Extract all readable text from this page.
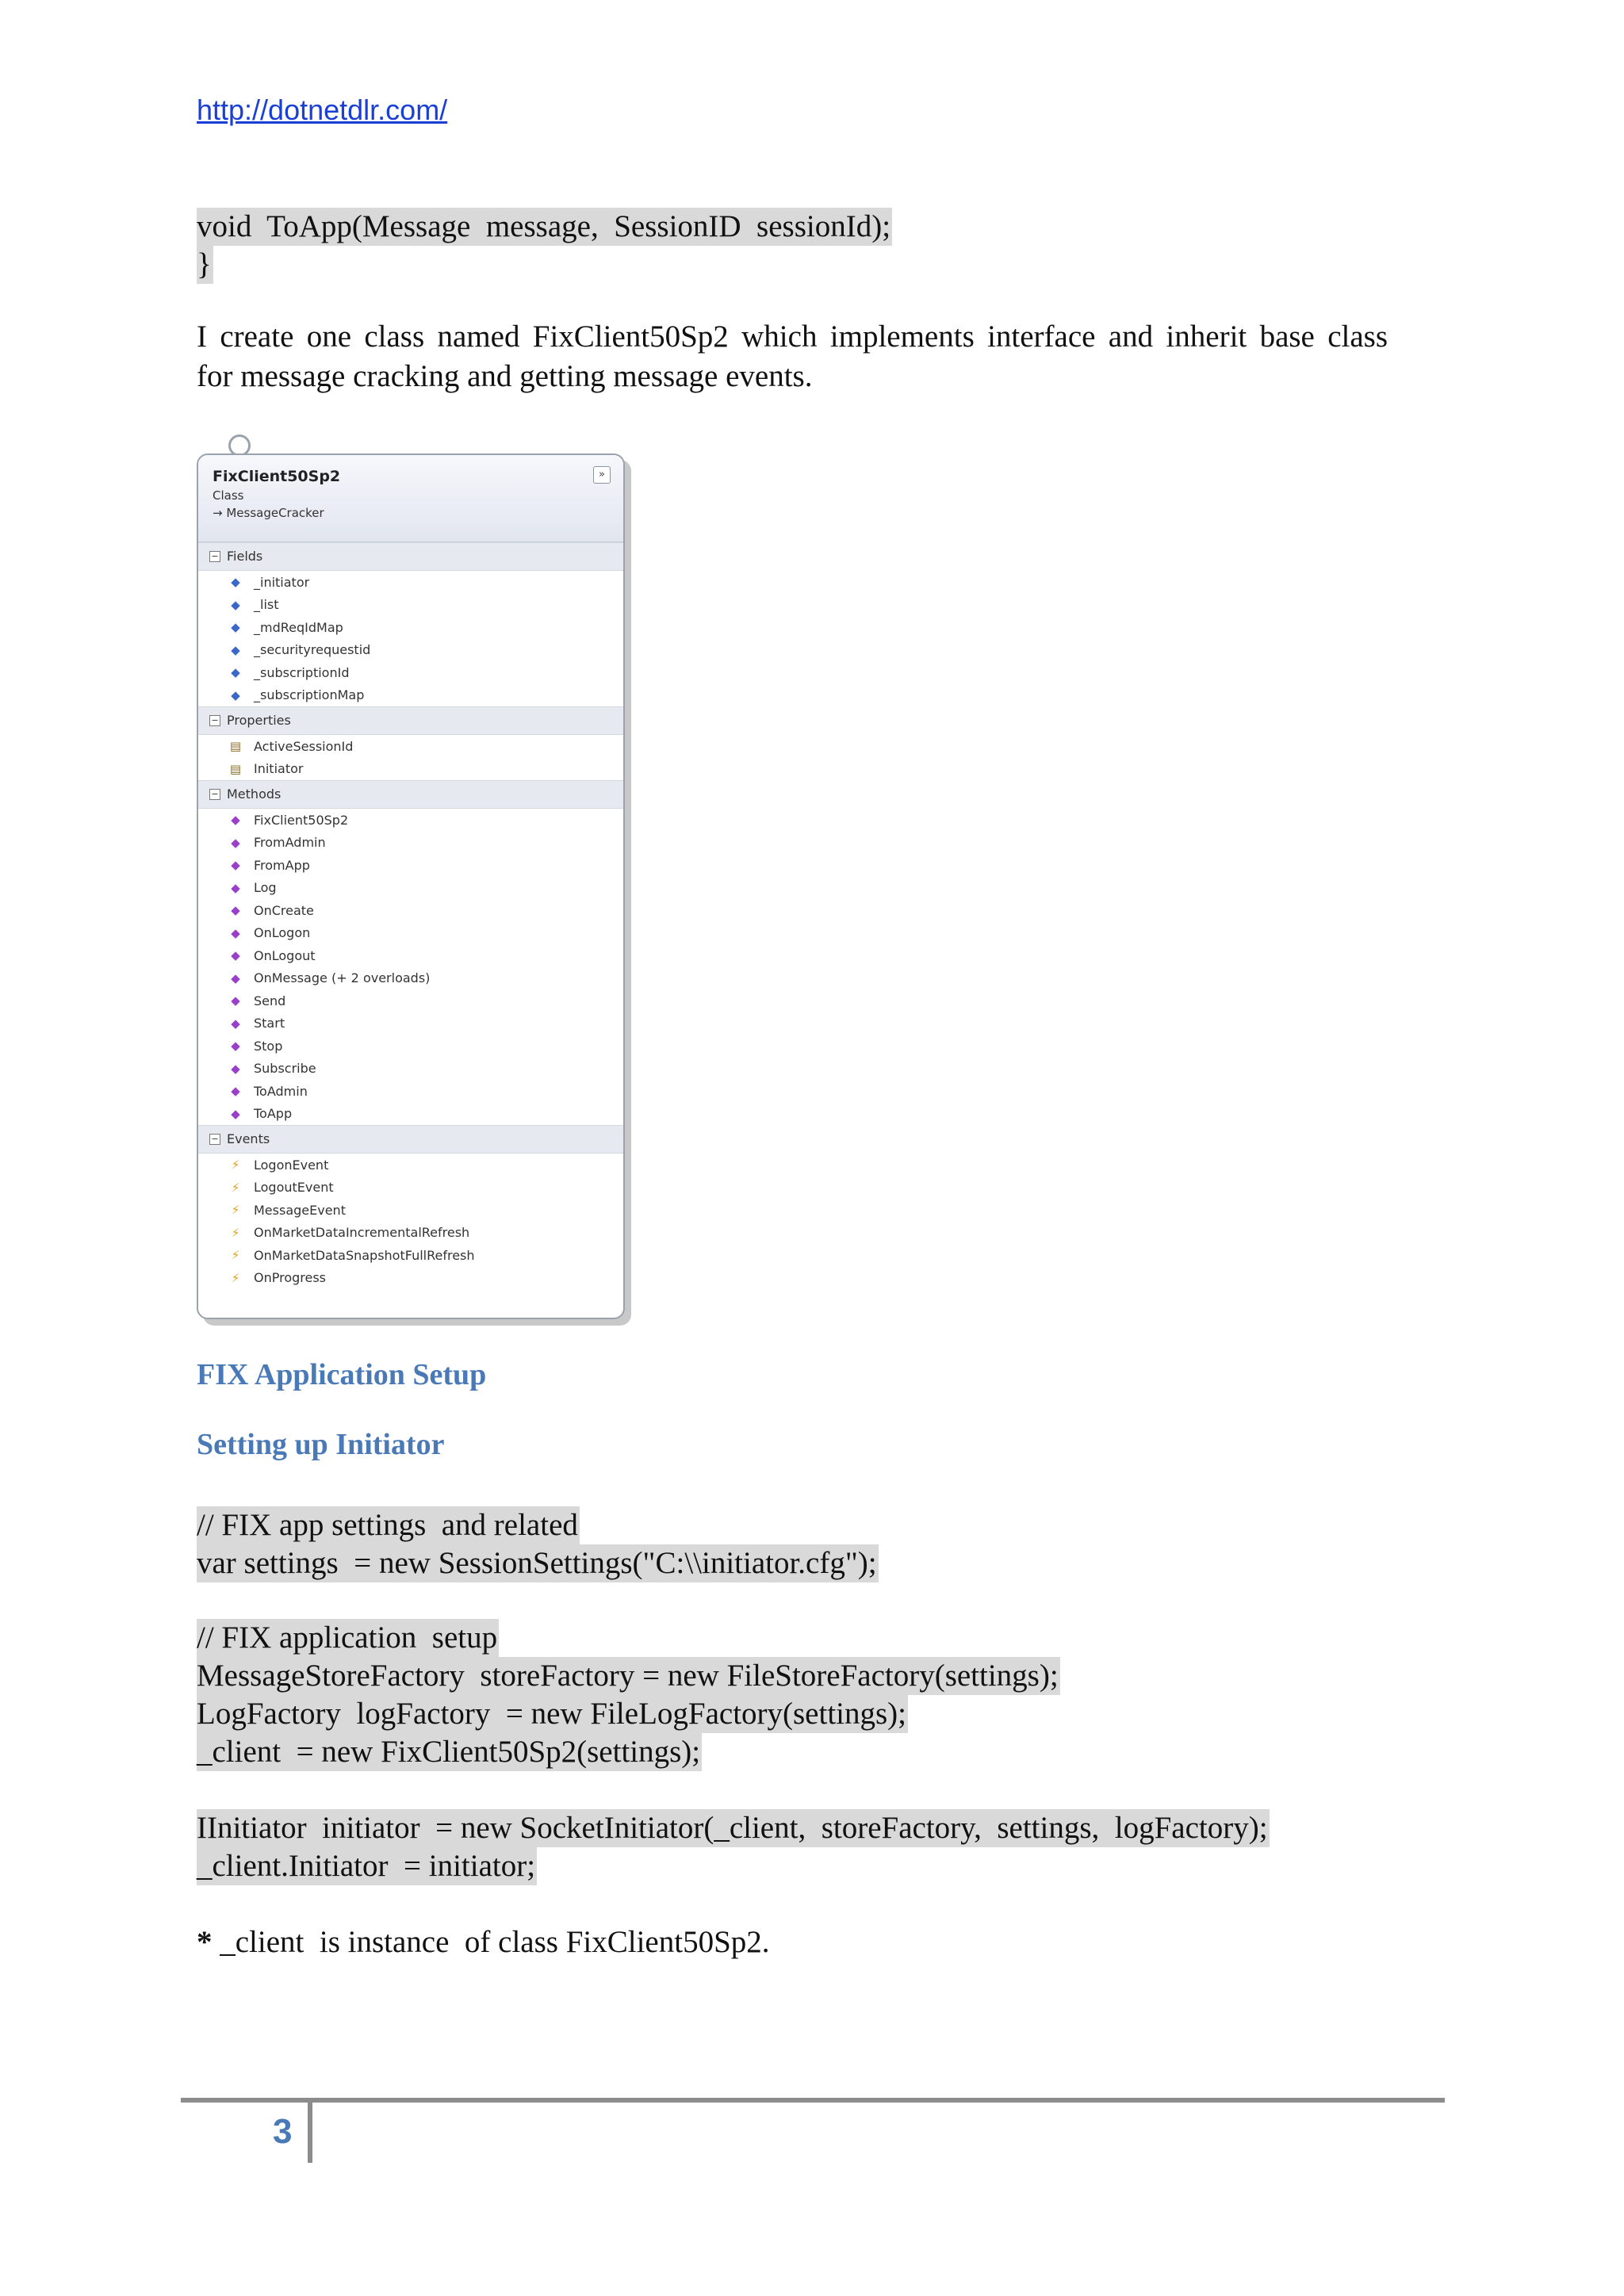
http://dotnetdlr.com/
void  ToApp(Message  message,  SessionID  sessionId);
}
I create one class named FixClient50Sp2 which implements interface and inherit base class
for message cracking and getting message events.
FixClient50Sp2
Class
→ MessageCracker
»
− Fields
◆	_initiator
◆	_list
◆	_mdReqIdMap
◆	_securityrequestid
◆	_subscriptionId
◆	_subscriptionMap
− Properties
▤ ActiveSessionId
▤ Initiator
− Methods
◆	FixClient50Sp2
◆	FromAdmin
◆	FromApp
◆	Log
◆	OnCreate
◆	OnLogon
◆	OnLogout
◆	OnMessage (+ 2 overloads)
◆	Send
◆	Start
◆	Stop
◆	Subscribe
◆	ToAdmin
◆	ToApp
− Events
⚡	LogonEvent
⚡	LogoutEvent
⚡	MessageEvent
⚡	OnMarketDataIncrementalRefresh
⚡	OnMarketDataSnapshotFullRefresh
⚡	OnProgress
FIX Application Setup
Setting up Initiator
// FIX app settings  and related
var settings  = new SessionSettings("C:\\initiator.cfg");
// FIX application  setup
MessageStoreFactory  storeFactory = new FileStoreFactory(settings);
LogFactory  logFactory  = new FileLogFactory(settings);
_client  = new FixClient50Sp2(settings);
IInitiator  initiator  = new SocketInitiator(_client,  storeFactory,  settings,  logFactory);
_client.Initiator  = initiator;
* _client  is instance  of class FixClient50Sp2.
3
